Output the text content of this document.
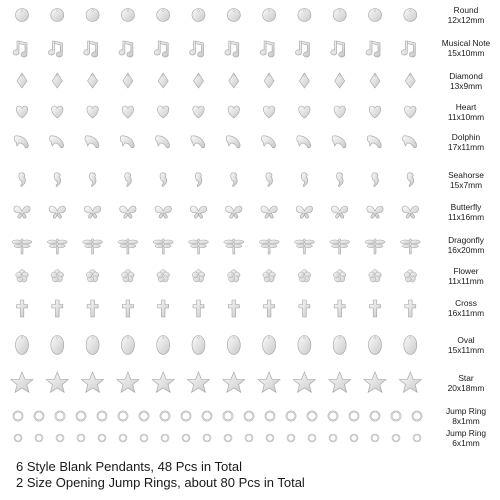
Round
12x12mm
Musical Note
15x10mm
Diamond
13x9mm
Heart
11x10mm
Dolphin
17x11mm
Seahorse
15x7mm
Butterfly
11x16mm
Dragonfly
16x20mm
Flower
11x11mm
Cross
16x11mm
Oval
15x11mm
Star
20x18mm
Jump Ring
8x1mm
Jump Ring
6x1mm
6 Style Blank Pendants, 48 Pcs in Total
2 Size Opening Jump Rings, about 80 Pcs in Total
